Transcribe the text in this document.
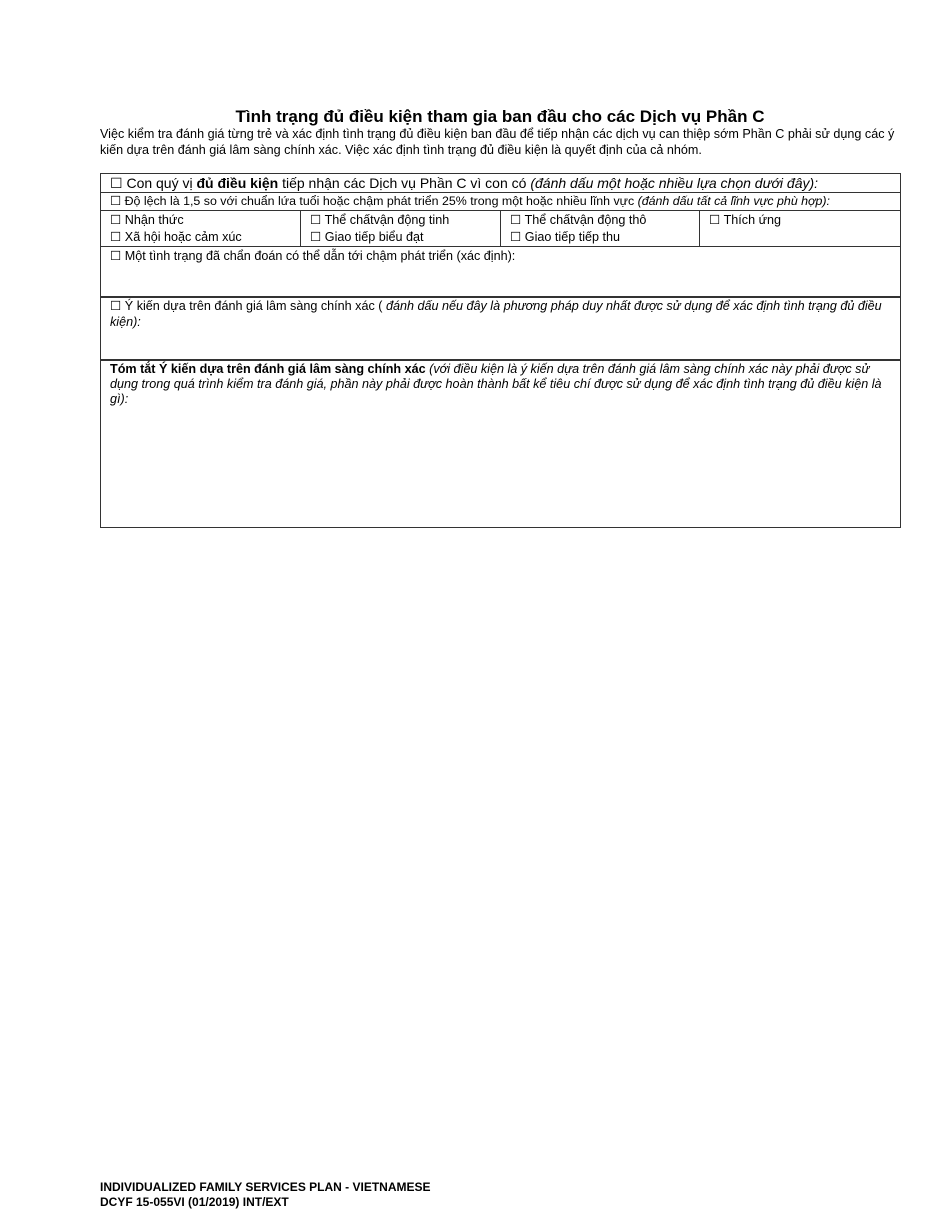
Tình trạng đủ điều kiện tham gia ban đầu cho các Dịch vụ Phần C
Việc kiểm tra đánh giá từng trẻ và xác định tình trạng đủ điều kiện ban đầu để tiếp nhận các dịch vụ can thiệp sớm Phần C phải sử dụng các ý kiến dựa trên đánh giá lâm sàng chính xác. Việc xác định tình trạng đủ điều kiện là quyết định của cả nhóm.
☐ Con quý vị đủ điều kiện tiếp nhận các Dịch vụ Phần C vì con có (đánh dấu một hoặc nhiều lựa chọn dưới đây):
☐ Độ lệch là 1,5 so với chuẩn lứa tuổi hoặc chậm phát triển 25% trong một hoặc nhiều lĩnh vực (đánh dấu tất cả lĩnh vực phù hợp):
☐ Nhận thức
☐ Xã hội hoặc cảm xúc
☐ Thể chấtvận động tinh
☐ Giao tiếp biểu đạt
☐ Thể chấtvận động thô
☐ Giao tiếp tiếp thu
☐ Thích ứng
☐ Một tình trạng đã chẩn đoán có thể dẫn tới chậm phát triển (xác định):
☐ Ý kiến dựa trên đánh giá lâm sàng chính xác ( đánh dấu nếu đây là phương pháp duy nhất được sử dụng để xác định tình trạng đủ điều kiện):
Tóm tắt Ý kiến dựa trên đánh giá lâm sàng chính xác (với điều kiện là ý kiến dựa trên đánh giá lâm sàng chính xác này phải được sử dụng trong quá trình kiểm tra đánh giá, phần này phải được hoàn thành bất kể tiêu chí được sử dụng để xác định tình trạng đủ điều kiện là gì):
INDIVIDUALIZED FAMILY SERVICES PLAN - VIETNAMESE
DCYF 15-055VI (01/2019) INT/EXT
